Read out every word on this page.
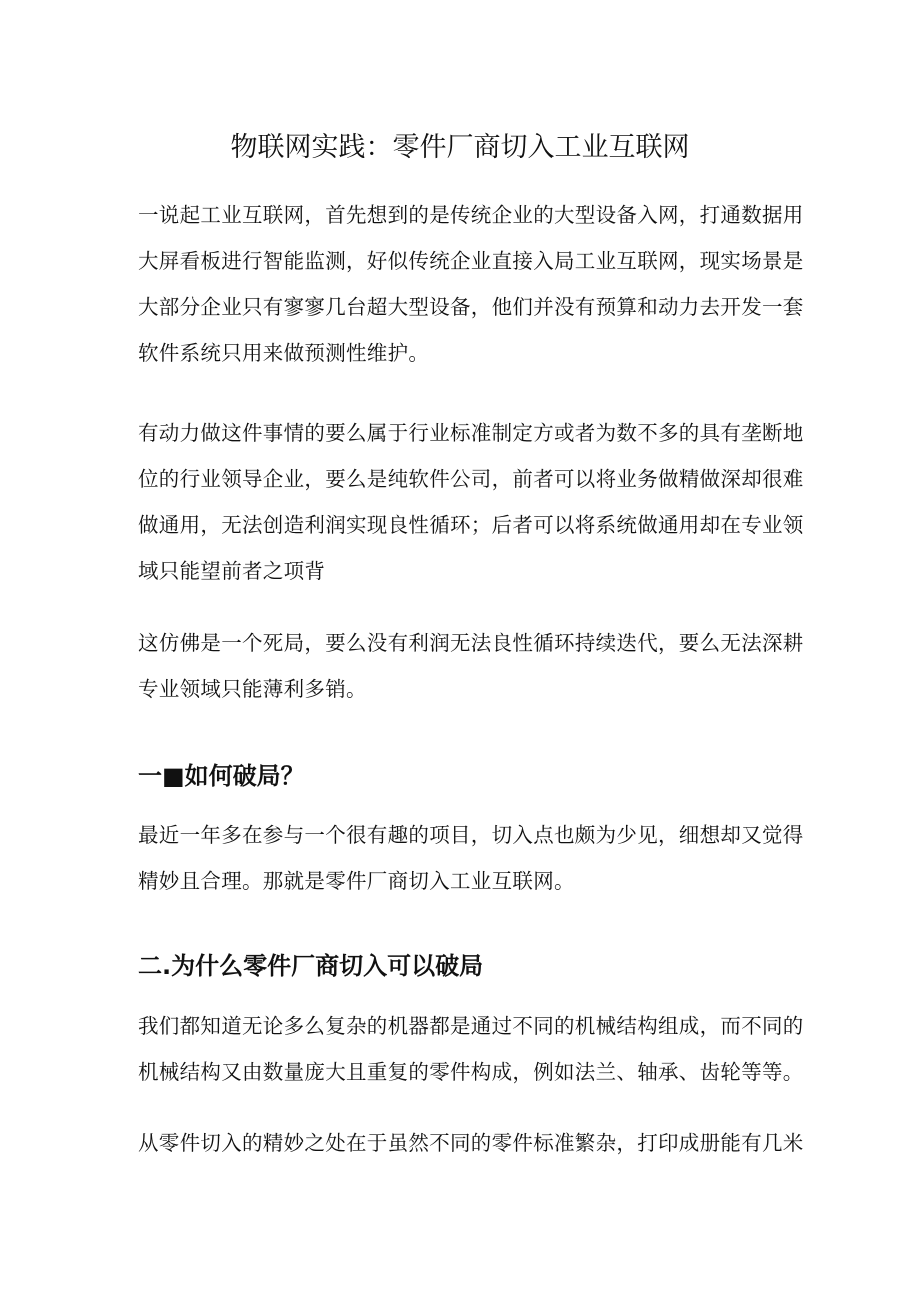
物联网实践：零件厂商切入工业互联网

一说起工业互联网，首先想到的是传统企业的大型设备入网，打通数据用
大屏看板进行智能监测，好似传统企业直接入局工业互联网，现实场景是
大部分企业只有寥寥几台超大型设备，他们并没有预算和动力去开发一套
软件系统只用来做预测性维护。

有动力做这件事情的要么属于行业标准制定方或者为数不多的具有垄断地
位的行业领导企业，要么是纯软件公司，前者可以将业务做精做深却很难
做通用，无法创造利润实现良性循环；后者可以将系统做通用却在专业领
域只能望前者之项背

这仿佛是一个死局，要么没有利润无法良性循环持续迭代，要么无法深耕
专业领域只能薄利多销。

一■如何破局？

最近一年多在参与一个很有趣的项目，切入点也颇为少见，细想却又觉得
精妙且合理。那就是零件厂商切入工业互联网。

二.为什么零件厂商切入可以破局

我们都知道无论多么复杂的机器都是通过不同的机械结构组成，而不同的
机械结构又由数量庞大且重复的零件构成，例如法兰、轴承、齿轮等等。

从零件切入的精妙之处在于虽然不同的零件标准繁杂，打印成册能有几米
